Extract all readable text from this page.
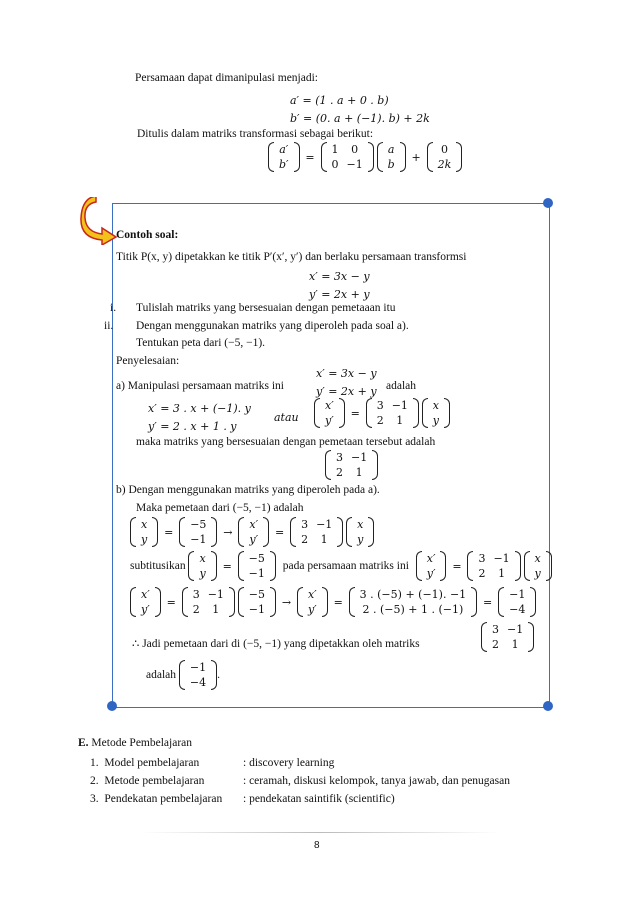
Persamaan dapat dimanipulasi menjadi:
a′ = (1 . a + 0 . b)
b′ = (0. a + (−1). b) + 2k
Ditulis dalam matriks transformasi sebagai berikut:
a′
b′
=
1	0
0	−1

a
b
+
0
2k
Contoh soal:
Titik P(x, y) dipetakkan ke titik P′(x′, y′) dan berlaku persamaan transformsi
x′ = 3x − y
y′ = 2x + y
i. Tulislah matriks yang bersesuaian dengan pemetaaan itu
ii. Dengan menggunakan matriks yang diperoleh pada soal a).
Tentukan peta dari (−5, −1).
Penyelesaian:
a) Manipulasi persamaan matriks ini
x′ = 3x − y
y′ = 2x + y adalah
x′ = 3 . x + (−1). y
y′ = 2 . x + 1 . y
atau
x′
y′
=
3	−1
2	1

x
y
maka matriks yang bersesuaian dengan pemetaan tersebut adalah
3	−1
2	1
b) Dengan menggunakan matriks yang diperoleh pada a).
Maka pemetaan dari (−5, −1) adalah
x
y
=
−5
−1
→
x′
y′
=
3	−1
2	1

x
y
subtitusikan
x
y
=
−5
−1
pada persamaan matriks ini
x′
y′
=
3	−1
2	1

x
y
x′
y′
=
3	−1
2	1

−5
−1
→
x′
y′
=
3 . (−5) + (−1). −1
2 . (−5) + 1 . (−1)
=
−1
−4
∴ Jadi pemetaan dari di (−5, −1) yang dipetakkan oleh matriks
3	−1
2	1
adalah
−1
−4
.
E. Metode Pembelajaran
1. Model pembelajaran	: discovery learning
2. Metode pembelajaran	: ceramah, diskusi kelompok, tanya jawab, dan penugasan
3. Pendekatan pembelajaran : pendekatan saintifik (scientific)
8
